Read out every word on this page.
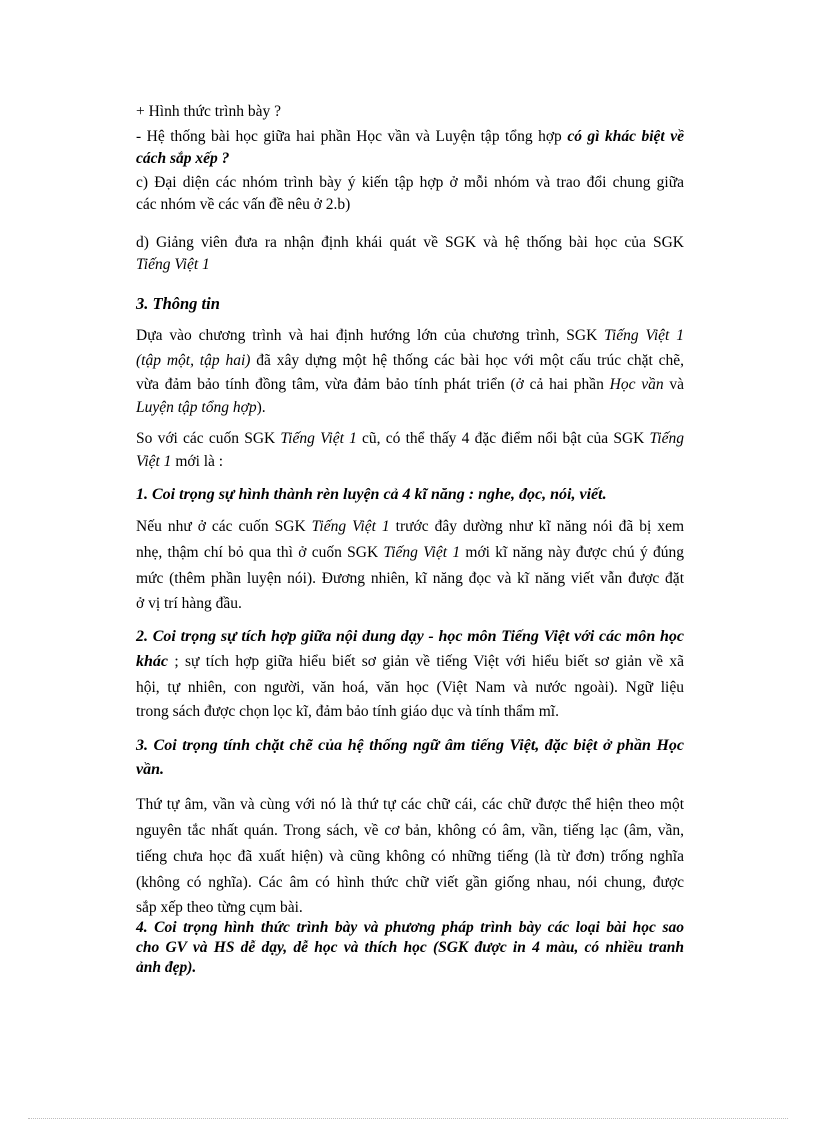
+ Hình thức trình bày ?
- Hệ thống bài học giữa hai phần Học vần và Luyện tập tổng hợp có gì khác biệt về
cách sắp xếp ?
c) Đại diện các nhóm trình bày ý kiến tập hợp ở mỗi nhóm và trao đổi chung giữa
các nhóm về các vấn đề nêu ở 2.b)
d) Giảng viên đưa ra nhận định khái quát về SGK và hệ thống bài học của SGK
Tiếng Việt 1
3. Thông tin
Dựa vào chương trình và hai định hướng lớn của chương trình, SGK Tiếng Việt 1
(tập một, tập hai) đã xây dựng một hệ thống các bài học với một cấu trúc chặt chẽ,
vừa đảm bảo tính đồng tâm, vừa đảm bảo tính phát triển (ở cả hai phần Học vần và
Luyện tập tổng hợp).
So với các cuốn SGK Tiếng Việt 1 cũ, có thể thấy 4 đặc điểm nổi bật của SGK Tiếng
Việt 1 mới là :
1. Coi trọng sự hình thành rèn luyện cả 4 kĩ năng : nghe, đọc, nói, viết.
Nếu như ở các cuốn SGK Tiếng Việt 1 trước đây dường như kĩ năng nói đã bị xem
nhẹ, thậm chí bỏ qua thì ở cuốn SGK Tiếng Việt 1 mới kĩ năng này được chú ý đúng
mức (thêm phần luyện nói). Đương nhiên, kĩ năng đọc và kĩ năng viết vẫn được đặt
ở vị trí hàng đầu.
2. Coi trọng sự tích hợp giữa nội dung dạy - học môn Tiếng Việt với các môn học
khác ; sự tích hợp giữa hiểu biết sơ giản về tiếng Việt với hiểu biết sơ giản về xã
hội, tự nhiên, con người, văn hoá, văn học (Việt Nam và nước ngoài). Ngữ liệu
trong sách được chọn lọc kĩ, đảm bảo tính giáo dục và tính thẩm mĩ.
3. Coi trọng tính chặt chẽ của hệ thống ngữ âm tiếng Việt, đặc biệt ở phần Học
vần.
Thứ tự âm, vần và cùng với nó là thứ tự các chữ cái, các chữ được thể hiện theo một
nguyên tắc nhất quán. Trong sách, về cơ bản, không có âm, vần, tiếng lạc (âm, vần,
tiếng chưa học đã xuất hiện) và cũng không có những tiếng (là từ đơn) trống nghĩa
(không có nghĩa). Các âm có hình thức chữ viết gần giống nhau, nói chung, được
sắp xếp theo từng cụm bài.
4. Coi trọng hình thức trình bày và phương pháp trình bày các loại bài học sao
cho GV và HS dễ dạy, dễ học và thích học (SGK được in 4 màu, có nhiều tranh
ảnh đẹp).
